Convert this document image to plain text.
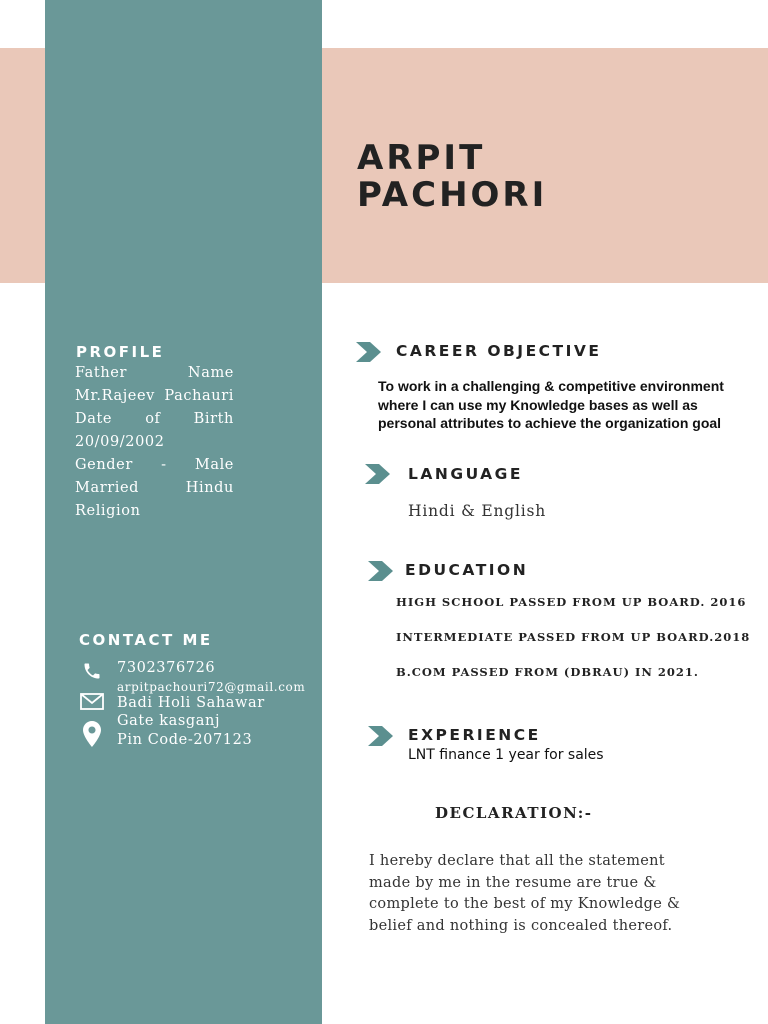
ARPIT
PACHORI
PROFILE
Father Name
Mr.Rajeev Pachauri
Date of Birth
20/09/2002
Gender - Male
Married Hindu
Religion
CONTACT ME
7302376726
arpitpachouri72@gmail.com
Badi Holi Sahawar
Gate kasganj
Pin Code-207123
CAREER OBJECTIVE

To work in a challenging & competitive environment where I can use my Knowledge bases as well as personal attributes to achieve the organization goal

LANGUAGE
Hindi & English
EDUCATION
HIGH SCHOOL PASSED FROM UP BOARD. 2016
INTERMEDIATE PASSED FROM UP BOARD.2018
B.COM PASSED FROM (DBRAU) IN 2021.
EXPERIENCE
LNT finance 1 year for sales
DECLARATION:-

I hereby declare that all the statement made by me in the resume are true & complete to the best of my Knowledge & belief and nothing is concealed thereof.
